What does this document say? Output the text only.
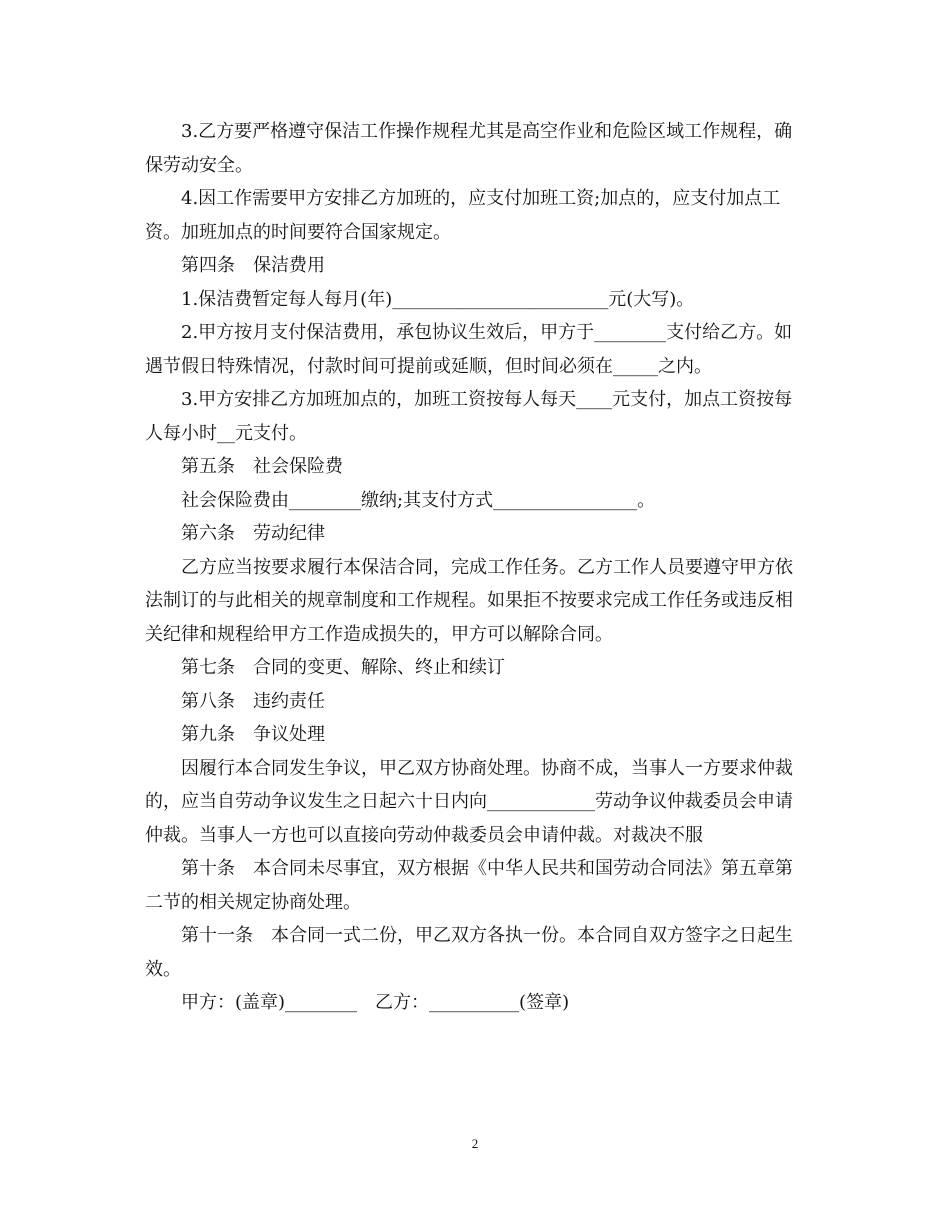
3.乙方要严格遵守保洁工作操作规程尤其是高空作业和危险区域工作规程，确保劳动安全。

4.因工作需要甲方安排乙方加班的，应支付加班工资;加点的，应支付加点工资。加班加点的时间要符合国家规定。

第四条　保洁费用

1.保洁费暂定每人每月(年)________________________元(大写)。

2.甲方按月支付保洁费用，承包协议生效后，甲方于________支付给乙方。如遇节假日特殊情况，付款时间可提前或延顺，但时间必须在_____之内。

3.甲方安排乙方加班加点的，加班工资按每人每天____元支付，加点工资按每人每小时__元支付。

第五条　社会保险费

社会保险费由________缴纳;其支付方式________________。

第六条　劳动纪律

乙方应当按要求履行本保洁合同，完成工作任务。乙方工作人员要遵守甲方依法制订的与此相关的规章制度和工作规程。如果拒不按要求完成工作任务或违反相关纪律和规程给甲方工作造成损失的，甲方可以解除合同。

第七条　合同的变更、解除、终止和续订

第八条　违约责任

第九条　争议处理

因履行本合同发生争议，甲乙双方协商处理。协商不成，当事人一方要求仲裁的，应当自劳动争议发生之日起六十日内向____________劳动争议仲裁委员会申请仲裁。当事人一方也可以直接向劳动仲裁委员会申请仲裁。对裁决不服

第十条　本合同未尽事宜，双方根据《中华人民共和国劳动合同法》第五章第二节的相关规定协商处理。

第十一条　本合同一式二份，甲乙双方各执一份。本合同自双方签字之日起生效。

甲方：(盖章)________　乙方：__________(签章)

2
